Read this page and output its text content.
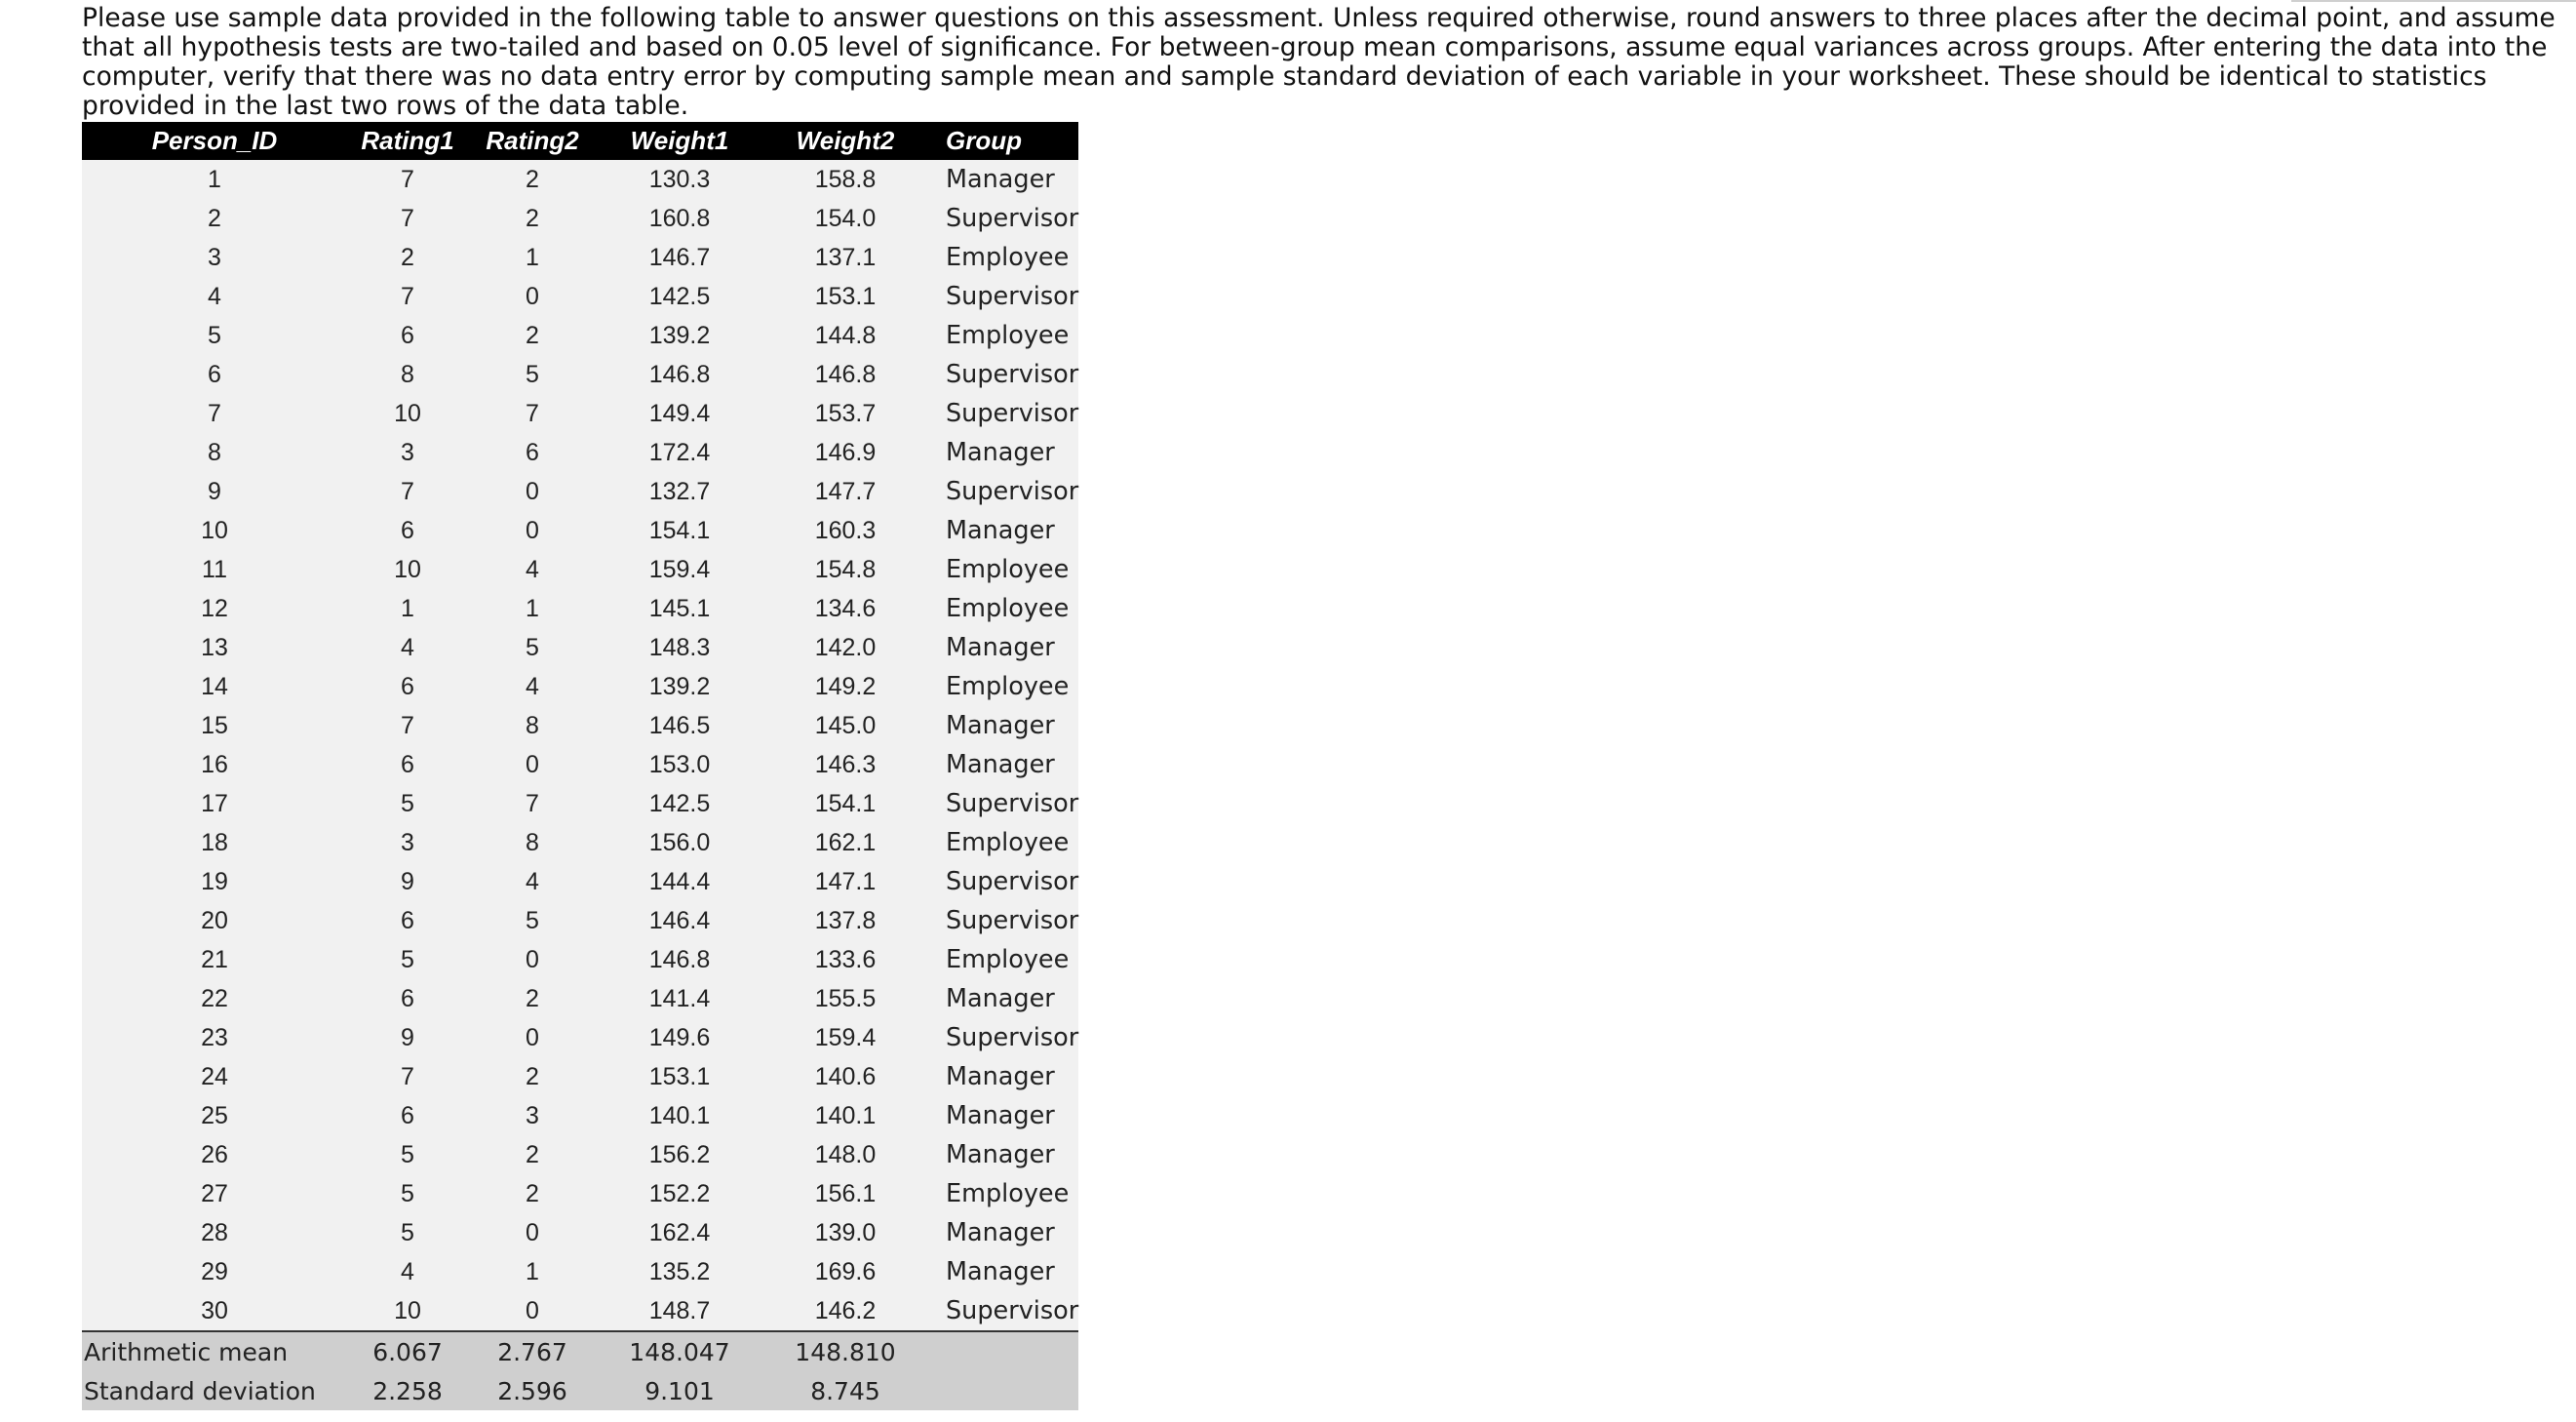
Please use sample data provided in the following table to answer questions on this assessment. Unless required otherwise, round answers to three places after the decimal point, and assume that all hypothesis tests are two-tailed and based on 0.05 level of significance. For between-group mean comparisons, assume equal variances across groups. After entering the data into the computer, verify that there was no data entry error by computing sample mean and sample standard deviation of each variable in your worksheet. These should be identical to statistics provided in the last two rows of the data table.

Person_ID	Rating1	Rating2	Weight1	Weight2	Group
1	7	2	130.3	158.8	Manager
2	7	2	160.8	154.0	Supervisor
3	2	1	146.7	137.1	Employee
4	7	0	142.5	153.1	Supervisor
5	6	2	139.2	144.8	Employee
6	8	5	146.8	146.8	Supervisor
7	10	7	149.4	153.7	Supervisor
8	3	6	172.4	146.9	Manager
9	7	0	132.7	147.7	Supervisor
10	6	0	154.1	160.3	Manager
11	10	4	159.4	154.8	Employee
12	1	1	145.1	134.6	Employee
13	4	5	148.3	142.0	Manager
14	6	4	139.2	149.2	Employee
15	7	8	146.5	145.0	Manager
16	6	0	153.0	146.3	Manager
17	5	7	142.5	154.1	Supervisor
18	3	8	156.0	162.1	Employee
19	9	4	144.4	147.1	Supervisor
20	6	5	146.4	137.8	Supervisor
21	5	0	146.8	133.6	Employee
22	6	2	141.4	155.5	Manager
23	9	0	149.6	159.4	Supervisor
24	7	2	153.1	140.6	Manager
25	6	3	140.1	140.1	Manager
26	5	2	156.2	148.0	Manager
27	5	2	152.2	156.1	Employee
28	5	0	162.4	139.0	Manager
29	4	1	135.2	169.6	Manager
30	10	0	148.7	146.2	Supervisor
Arithmetic mean	6.067	2.767	148.047	148.810	
Standard deviation	2.258	2.596	9.101	8.745	
